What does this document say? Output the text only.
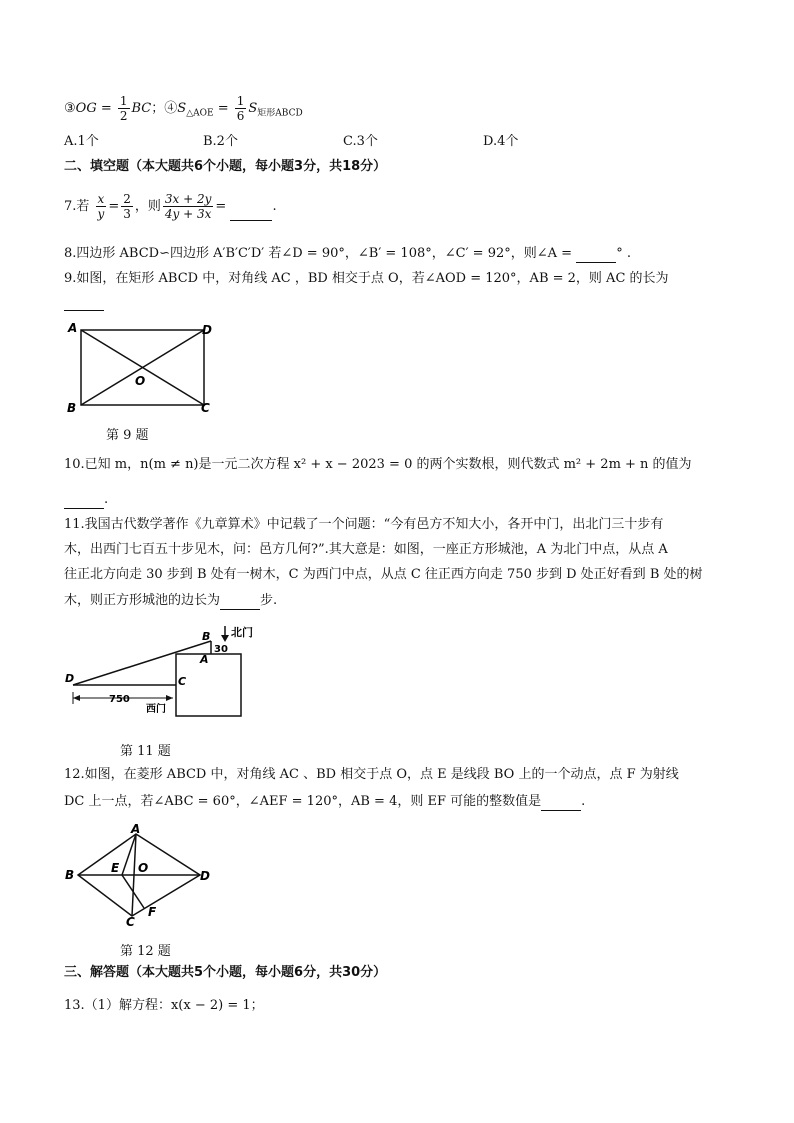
③OG = $\frac{1}{2}$ BC；$④S_{\triangle AOE} = \frac{1}{6} S_{矩形ABCD}$
A.1个	B.2个	C.3个	D.4个
二、填空题（本大题共6个小题，每小题3分，共18分）
7.若 $\frac{x}{y} = \frac{2}{3}$ ，则 $\frac{3x + 2y}{4y + 3x}$ =	.
8.四边形 ABCD∽四边形 A′B′C′D′ 若∠D = 90°，∠B′ = 108°，∠C′ = 92°，则∠A =	° .
9.如图，在矩形 ABCD 中，对角线 AC ，BD 相交于点 O，若∠AOD = 120°，AB = 2，则 AC 的长为

A	D
B	C
O
第 9 题
10.已知 m，n(m ≠ n)是一元二次方程 x² + x − 2023 = 0 的两个实数根，则代数式 m² + 2m + n 的值为
.
11.我国古代数学著作《九章算术》中记载了一个问题：“今有邑方不知大小，各开中门，出北门三十步有
木，出西门七百五十步见木，问：邑方几何?”.其大意是：如图，一座正方形城池，A 为北门中点，从点 A
往正北方向走 30 步到 B 处有一树木，C 为西门中点，从点 C 往正西方向走 750 步到 D 处正好看到 B 处的树
木，则正方形城池的边长为	步.
B
A
C
D
北门
30
750
西门
第 11 题
12.如图，在菱形 ABCD 中，对角线 AC 、BD 相交于点 O，点 E 是线段 BO 上的一个动点，点 F 为射线
DC 上一点，若∠ABC = 60°，∠AEF = 120°，AB = 4，则 EF 可能的整数值是	.
A
B	D
C
E O
F
第 12 题
三、解答题（本大题共5个小题，每小题6分，共30分）
13.（1）解方程：x(x − 2) = 1；
